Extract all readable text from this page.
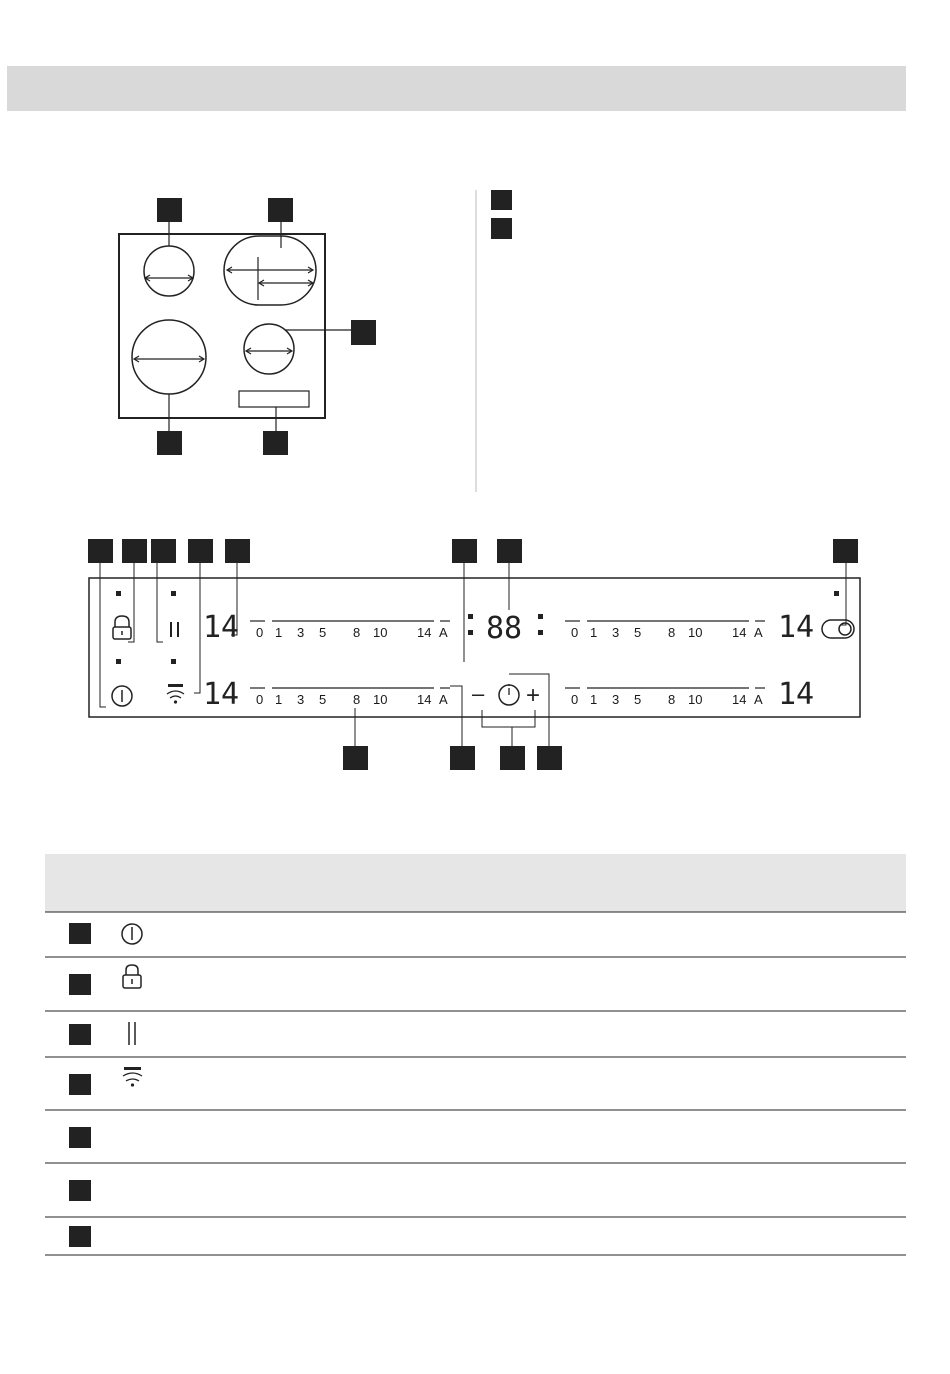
88
– +
0 1 3 5 8 10 14 A
0 1 3 5 8 10 14 A
0 1 3 5 8 10 14 A
0 1 3 5 8 10 14 A
14
14
14
14
